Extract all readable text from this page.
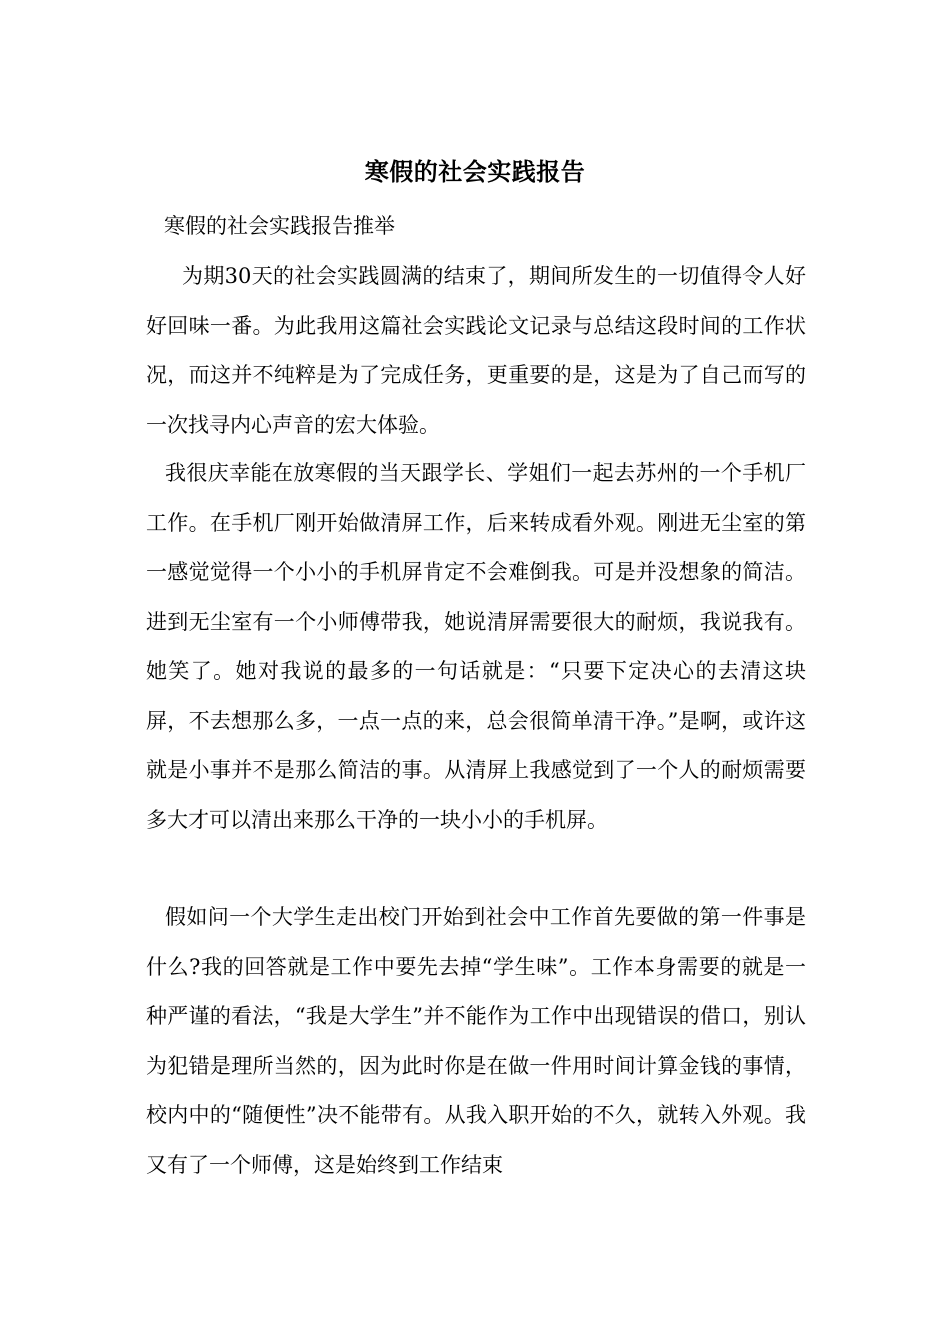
寒假的社会实践报告
寒假的社会实践报告推举

为期30天的社会实践圆满的结束了，期间所发生的一切值得令人好好回味一番。为此我用这篇社会实践论文记录与总结这段时间的工作状况，而这并不纯粹是为了完成任务，更重要的是，这是为了自己而写的一次找寻内心声音的宏大体验。

我很庆幸能在放寒假的当天跟学长、学姐们一起去苏州的一个手机厂工作。在手机厂刚开始做清屏工作，后来转成看外观。刚进无尘室的第一感觉觉得一个小小的手机屏肯定不会难倒我。可是并没想象的简洁。进到无尘室有一个小师傅带我，她说清屏需要很大的耐烦，我说我有。她笑了。她对我说的最多的一句话就是：“只要下定决心的去清这块屏，不去想那么多，一点一点的来，总会很简单清干净。”是啊，或许这就是小事并不是那么简洁的事。从清屏上我感觉到了一个人的耐烦需要多大才可以清出来那么干净的一块小小的手机屏。

假如问一个大学生走出校门开始到社会中工作首先要做的第一件事是什么?我的回答就是工作中要先去掉“学生味”。工作本身需要的就是一种严谨的看法，“我是大学生”并不能作为工作中出现错误的借口，别认为犯错是理所当然的，因为此时你是在做一件用时间计算金钱的事情，校内中的“随便性”决不能带有。从我入职开始的不久，就转入外观。我又有了一个师傅，这是始终到工作结束
